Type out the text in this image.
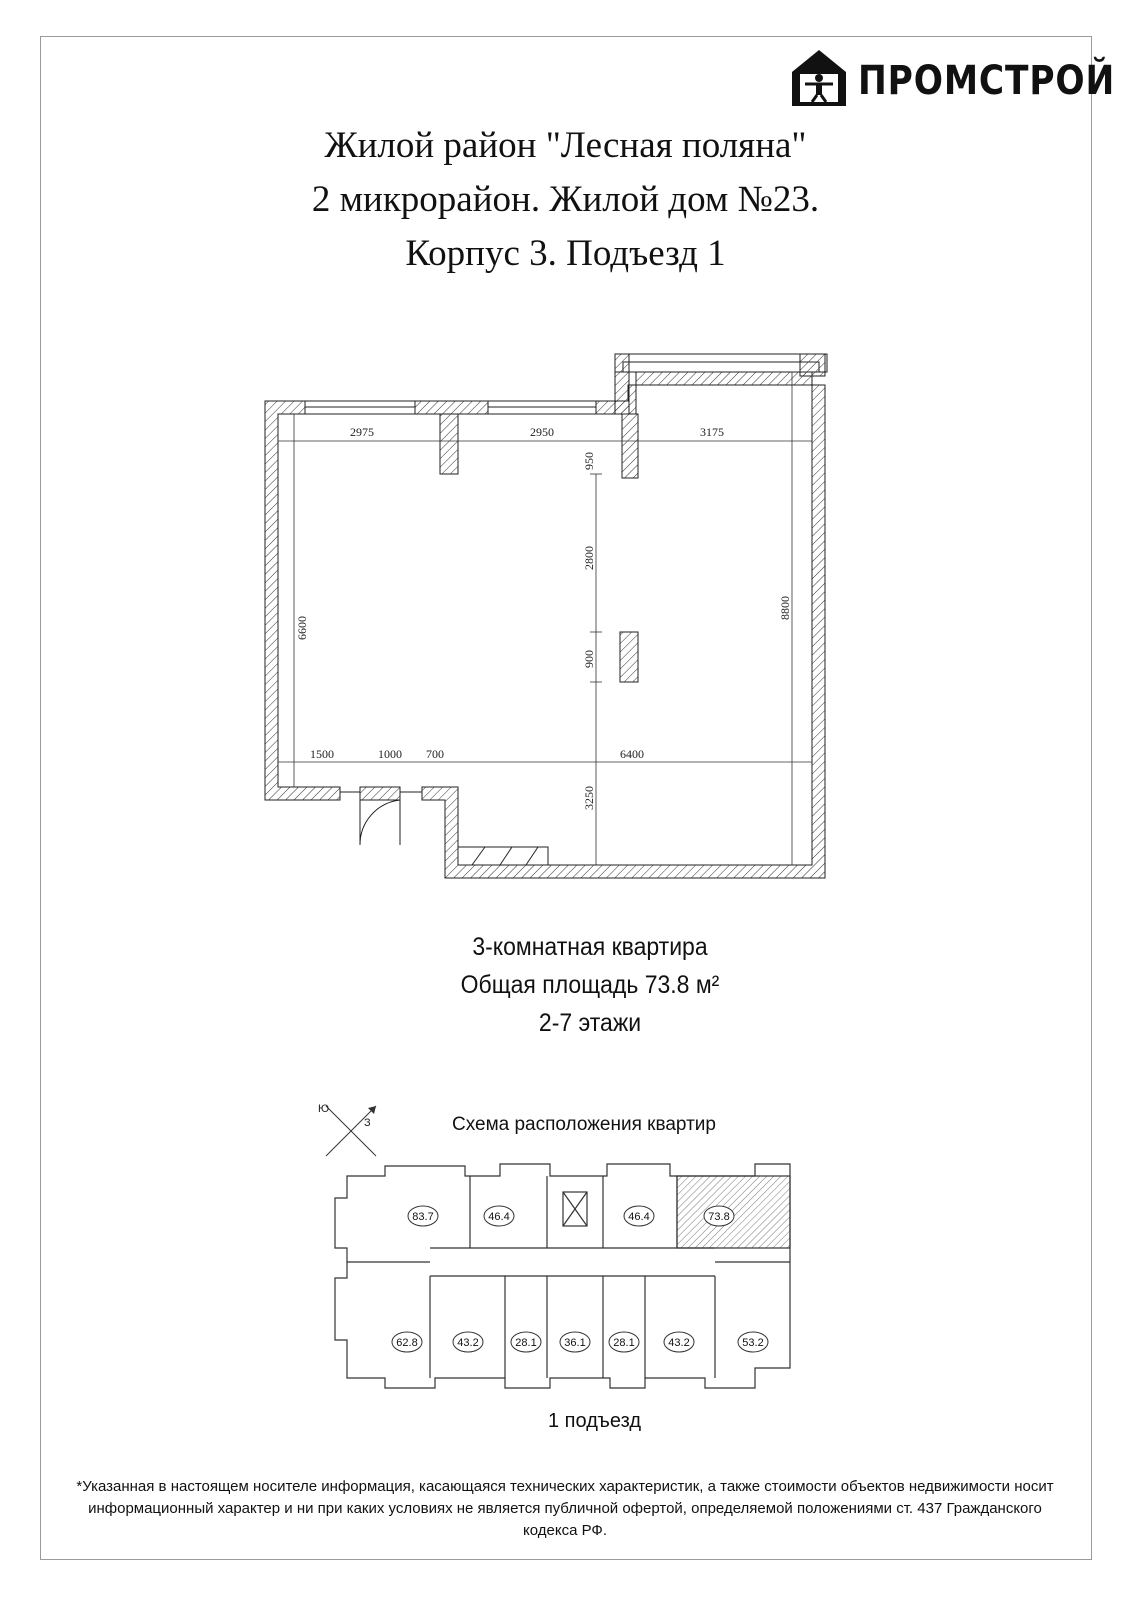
ПРОМСТРОЙ
Жилой район "Лесная поляна"
2 микрорайон. Жилой дом №23.
Корпус 3. Подъезд 1
2975	2950	3175
1500	1000 700	6400
6600
950
2800
900
3250
8800
3-комнатная квартира
Общая площадь 73.8 м²
2-7 этажи
Схема расположения квартир
Ю
З
83.7	46.4	46.4	73.8
62.8	43.2	28.1	36.1	28.1	43.2	53.2
1 подъезд
*Указанная в настоящем носителе информация, касающаяся технических характеристик, а также стоимости объектов недвижимости носит
информационный характер и ни при каких условиях не является публичной офертой, определяемой положениями ст. 437 Гражданского кодекса РФ.
